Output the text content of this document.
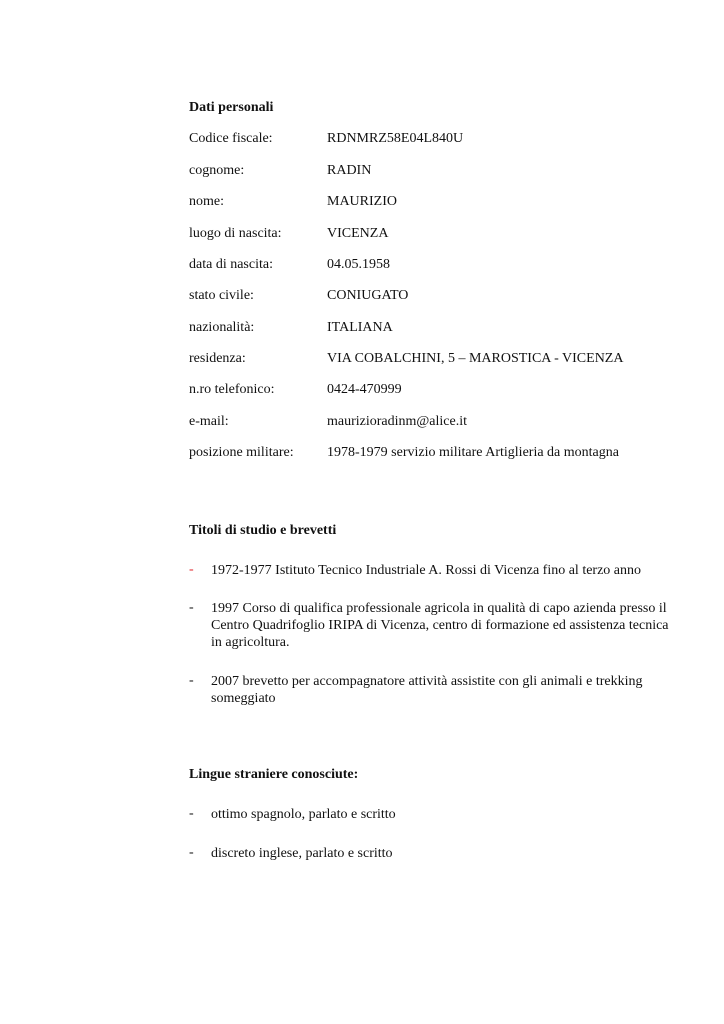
Dati personali
Codice fiscale:	RDNMRZ58E04L840U
cognome:	RADIN
nome:	MAURIZIO
luogo di nascita:	VICENZA
data di nascita:	04.05.1958
stato civile:	CONIUGATO
nazionalità:	ITALIANA
residenza:	VIA COBALCHINI, 5 – MAROSTICA - VICENZA
n.ro telefonico:	0424-470999
e-mail:	maurizioradinm@alice.it
posizione militare: 1978-1979 servizio militare Artiglieria da montagna
Titoli di studio e brevetti
- 1972-1977 Istituto Tecnico Industriale A. Rossi di Vicenza fino al terzo anno
- 1997 Corso di qualifica professionale agricola in qualità di capo azienda presso il Centro Quadrifoglio IRIPA di Vicenza, centro di formazione ed assistenza tecnica in agricoltura.
- 2007 brevetto per accompagnatore attività assistite con gli animali e trekking someggiato
Lingue straniere conosciute:
- ottimo spagnolo, parlato e scritto
- discreto inglese, parlato e scritto
